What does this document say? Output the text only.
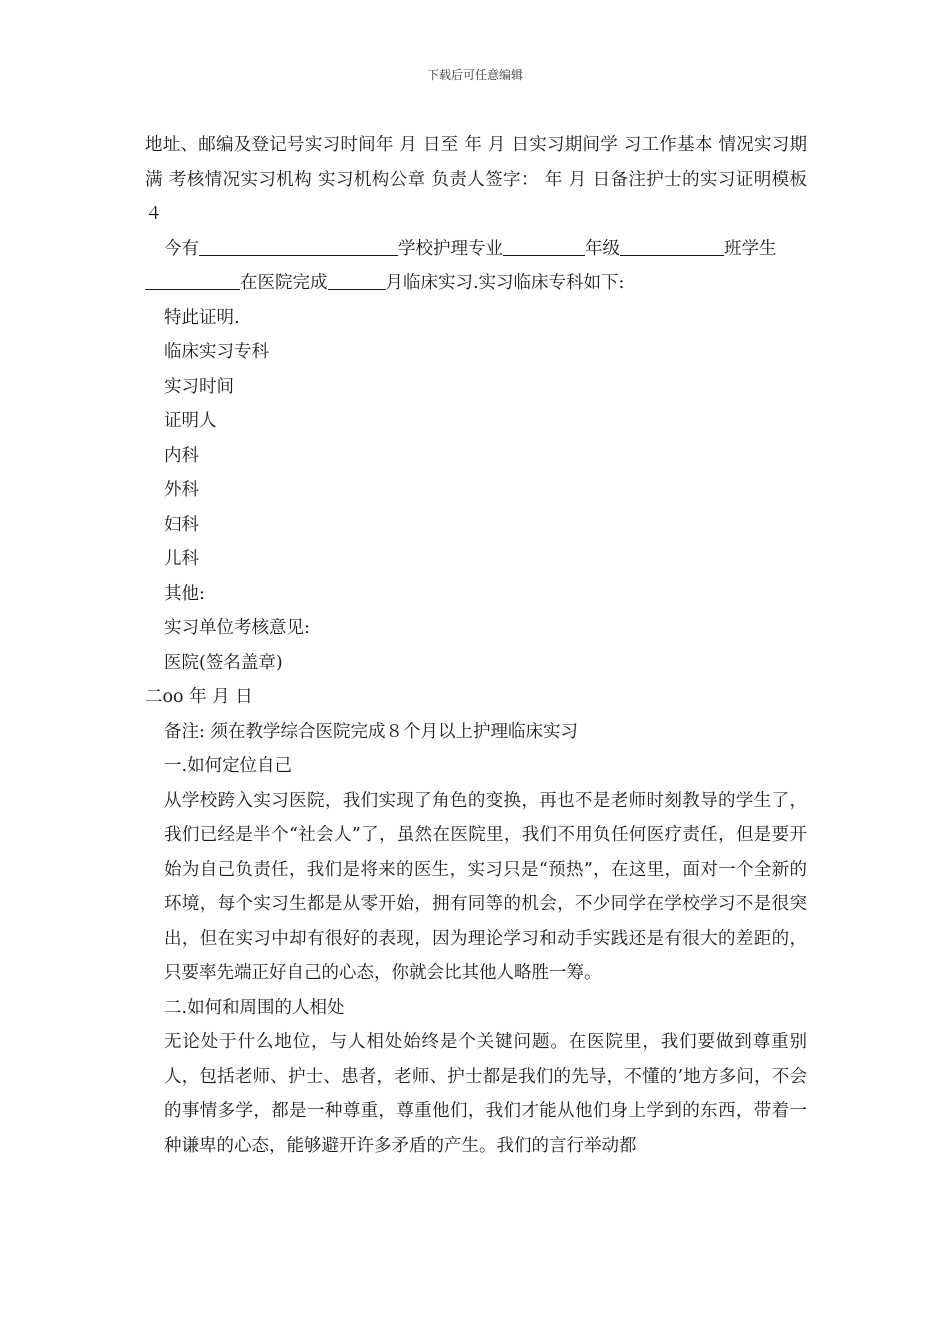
下载后可任意编辑

地址、邮编及登记号实习时间年 月 日至 年 月 日实习期间学 习工作基本 情况实习期满 考核情况实习机构 实习机构公章 负责人签字： 年 月 日备注护士的实习证明模板４

今有	学校护理专业	年级	班学生
在医院完成	月临床实习.实习临床专科如下:

特此证明.

临床实习专科

实习时间

证明人

内科

外科

妇科

儿科

其他:

实习单位考核意见:

医院(签名盖章)

二oo 年 月 日

备注: 须在教学综合医院完成８个月以上护理临床实习

一.如何定位自己

从学校跨入实习医院，我们实现了角色的变换，再也不是老师时刻教导的学生了，我们已经是半个“社会人”了，虽然在医院里，我们不用负任何医疗责任，但是要开始为自己负责任，我们是将来的医生，实习只是“预热”，在这里，面对一个全新的环境，每个实习生都是从零开始，拥有同等的机会，不少同学在学校学习不是很突出，但在实习中却有很好的表现，因为理论学习和动手实践还是有很大的差距的，只要率先端正好自己的心态，你就会比其他人略胜一筹。

二.如何和周围的人相处

无论处于什么地位，与人相处始终是个关键问题。在医院里，我们要做到尊重别人，包括老师、护士、患者，老师、护士都是我们的先导，不懂的’地方多问，不会的事情多学，都是一种尊重，尊重他们，我们才能从他们身上学到的东西，带着一种谦卑的心态，能够避开许多矛盾的产生。我们的言行举动都
